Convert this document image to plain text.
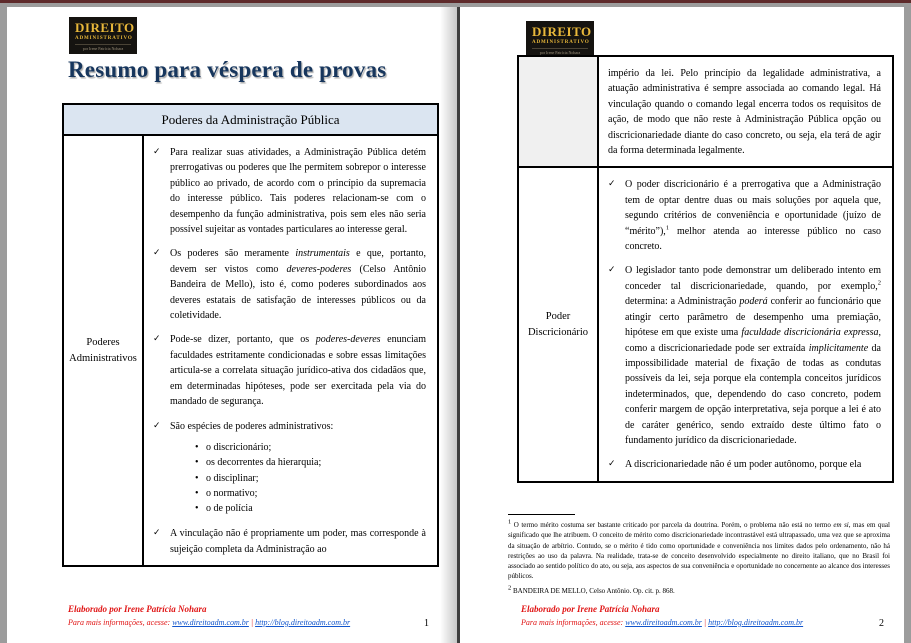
DIREITO
ADMINISTRATIVO
por Irene Patrícia Nohara
Resumo para véspera de provas
Poderes da Administração Pública
Poderes Administrativos
✓ Para realizar suas atividades, a Administração Pública detém prerrogativas ou poderes que lhe permitem sobrepor o interesse público ao privado, de acordo com o princípio da supremacia do interesse público. Tais poderes relacionam-se com o desempenho da função administrativa, pois sem eles não seria possível sujeitar as vontades particulares ao interesse geral.
✓ Os poderes são meramente instrumentais e que, portanto, devem ser vistos como deveres-poderes (Celso Antônio Bandeira de Mello), isto é, como poderes subordinados aos deveres estatais de satisfação de interesses públicos ou da coletividade.
✓ Pode-se dizer, portanto, que os poderes-deveres enunciam faculdades estritamente condicionadas e sobre essas limitações articula-se a correlata situação jurídico-ativa dos cidadãos que, em determinadas hipóteses, pode ser exercitada pela via do mandado de segurança.
✓ São espécies de poderes administrativos:
• o discricionário;
• os decorrentes da hierarquia;
• o disciplinar;
• o normativo;
• o de polícia
✓ A vinculação não é propriamente um poder, mas corresponde à sujeição completa da Administração ao
Elaborado por Irene Patrícia Nohara
Para mais informações, acesse: www.direitoadm.com.br | http://blog.direitoadm.com.br	1
DIREITO
ADMINISTRATIVO
por Irene Patrícia Nohara
império da lei. Pelo princípio da legalidade administrativa, a atuação administrativa é sempre associada ao comando legal. Há vinculação quando o comando legal encerra todos os requisitos de ação, de modo que não reste à Administração Pública opção ou discricionariedade diante do caso concreto, ou seja, ela terá de agir da forma determinada legalmente.
Poder Discricionário
✓ O poder discricionário é a prerrogativa que a Administração tem de optar dentre duas ou mais soluções por aquela que, segundo critérios de conveniência e oportunidade (juízo de “mérito”),$^1$ melhor atenda ao interesse público no caso concreto.
✓ O legislador tanto pode demonstrar um deliberado intento em conceder tal discricionariedade, quando, por exemplo,$^2$ determina: a Administração poderá conferir ao funcionário que atingir certo parâmetro de desempenho uma premiação, hipótese em que existe uma faculdade discricionária expressa, como a discricionariedade pode ser extraída implicitamente da impossibilidade material de fixação de todas as condutas possíveis da lei, seja porque ela contempla conceitos jurídicos indeterminados, que, dependendo do caso concreto, podem conferir margem de opção interpretativa, seja porque a lei é ato de caráter genérico, sendo extraído deste último fato o fundamento jurídico da discricionariedade.
✓ A discricionariedade não é um poder autônomo, porque ela
$^1$ O termo mérito costuma ser bastante criticado por parcela da doutrina. Porém, o problema não está no termo em si, mas em qual significado que lhe atribuem. O conceito de mérito como discricionariedade incontrastável está ultrapassado, uma vez que se aproxima da situação de arbítrio. Contudo, se o mérito é tido como oportunidade e conveniência nos limites dados pelo ordenamento, não há restrições ao uso da palavra. Na realidade, trata-se de conceito desenvolvido especialmente no direito italiano, que no Brasil foi associado ao sentido político do ato, ou seja, aos aspectos de sua conveniência e oportunidade no concernente ao alcance dos interesses públicos.
$^2$ BANDEIRA DE MELLO, Celso Antônio. Op. cit. p. 868.
Elaborado por Irene Patrícia Nohara
Para mais informações, acesse: www.direitoadm.com.br | http://blog.direitoadm.com.br	2
